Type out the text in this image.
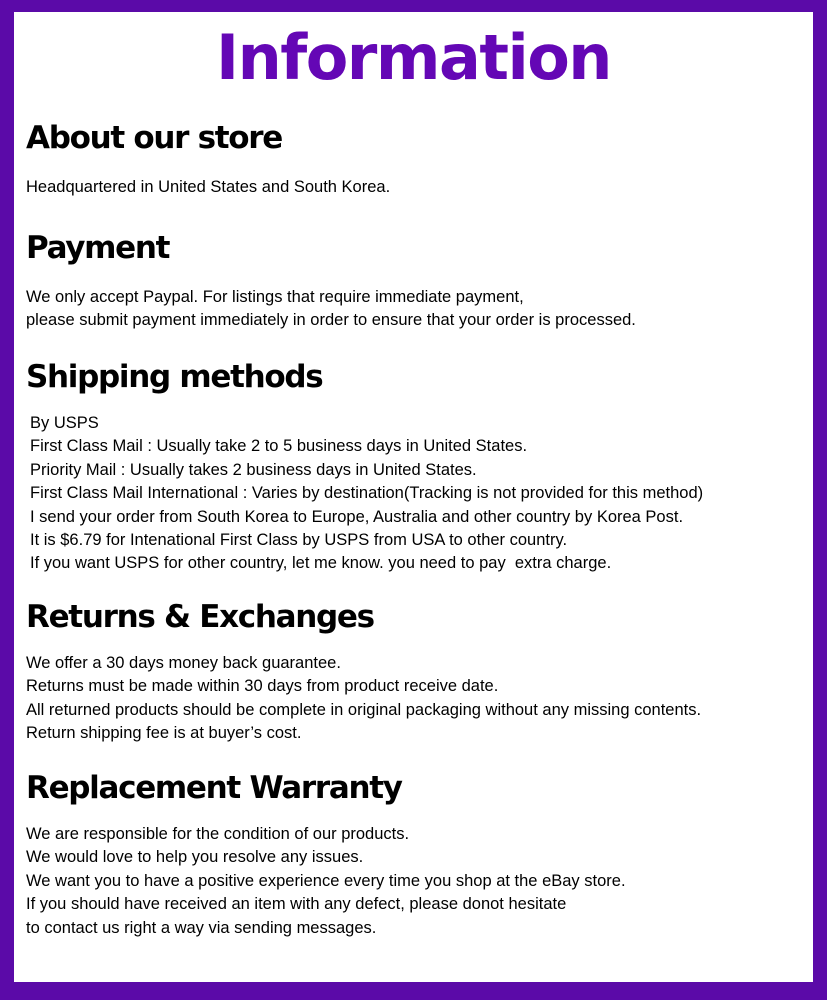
Information
About our store
Headquartered in United States and South Korea.
Payment
We only accept Paypal. For listings that require immediate payment,
please submit payment immediately in order to ensure that your order is processed.
Shipping methods
By USPS
First Class Mail : Usually take 2 to 5 business days in United States.
Priority Mail : Usually takes 2 business days in United States.
First Class Mail International : Varies by destination(Tracking is not provided for this method)
I send your order from South Korea to Europe, Australia and other country by Korea Post.
It is $6.79 for Intenational First Class by USPS from USA to other country.
If you want USPS for other country, let me know. you need to pay  extra charge.
Returns & Exchanges
We offer a 30 days money back guarantee.
Returns must be made within 30 days from product receive date.
All returned products should be complete in original packaging without any missing contents.
Return shipping fee is at buyer’s cost.
Replacement Warranty
We are responsible for the condition of our products.
We would love to help you resolve any issues.
We want you to have a positive experience every time you shop at the eBay store.
If you should have received an item with any defect, please donot hesitate
to contact us right a way via sending messages.
